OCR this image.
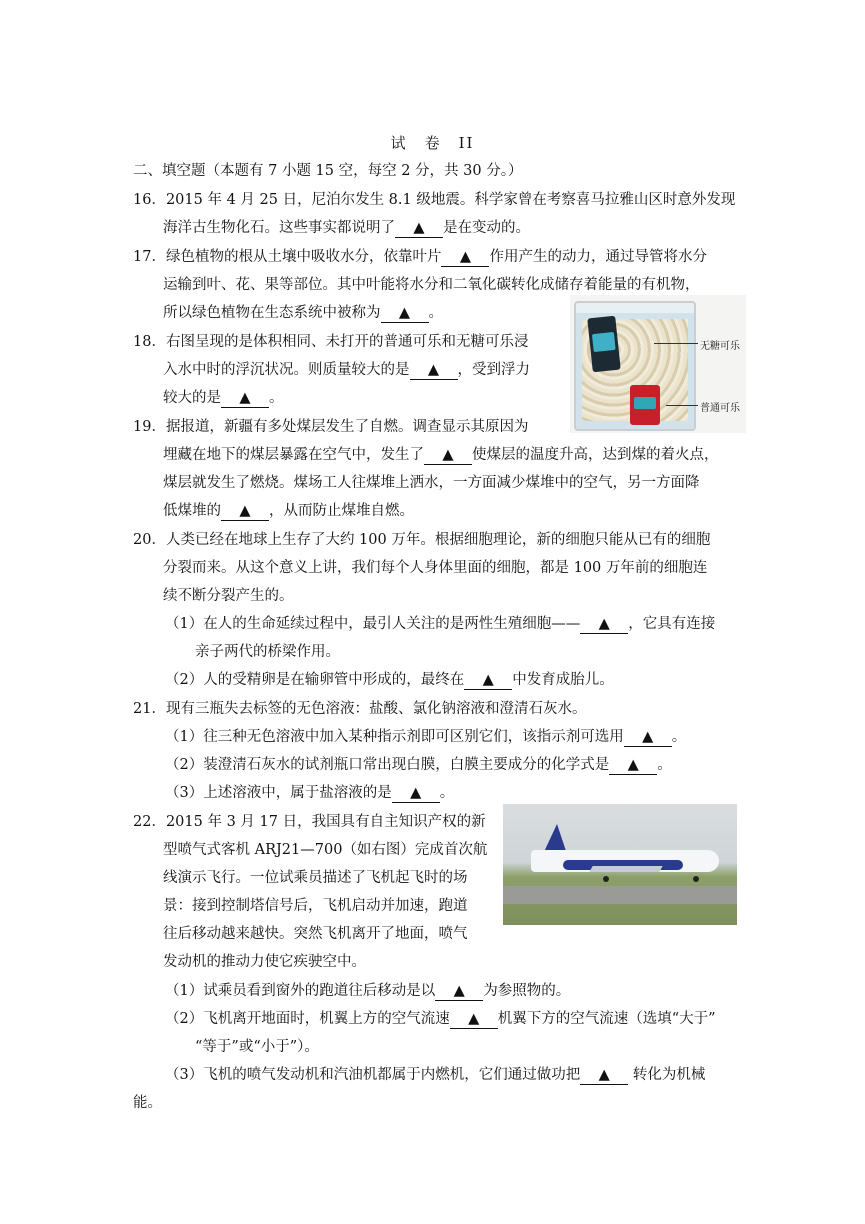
试　卷　II
二、填空题（本题有 7 小题 15 空，每空 2 分，共 30 分。）
16．2015 年 4 月 25 日，尼泊尔发生 8.1 级地震。科学家曾在考察喜马拉雅山区时意外发现
海洋古生物化石。这些事实都说明了 ▲ 是在变动的。
17．绿色植物的根从土壤中吸收水分，依靠叶片 ▲ 作用产生的动力，通过导管将水分
运输到叶、花、果等部位。其中叶能将水分和二氧化碳转化成储存着能量的有机物，
所以绿色植物在生态系统中被称为 ▲ 。
无糖可乐
普通可乐
18．右图呈现的是体积相同、未打开的普通可乐和无糖可乐浸
入水中时的浮沉状况。则质量较大的是 ▲ ，受到浮力
较大的是 ▲ 。
19．据报道，新疆有多处煤层发生了自燃。调查显示其原因为
埋藏在地下的煤层暴露在空气中，发生了 ▲ 使煤层的温度升高，达到煤的着火点，
煤层就发生了燃烧。煤场工人往煤堆上洒水，一方面减少煤堆中的空气，另一方面降
低煤堆的 ▲ ，从而防止煤堆自燃。
20．人类已经在地球上生存了大约 100 万年。根据细胞理论，新的细胞只能从已有的细胞
分裂而来。从这个意义上讲，我们每个人身体里面的细胞，都是 100 万年前的细胞连
续不断分裂产生的。
（1）在人的生命延续过程中，最引人关注的是两性生殖细胞—— ▲ ，它具有连接
亲子两代的桥梁作用。
（2）人的受精卵是在输卵管中形成的，最终在 ▲ 中发育成胎儿。
21．现有三瓶失去标签的无色溶液：盐酸、氯化钠溶液和澄清石灰水。
（1）往三种无色溶液中加入某种指示剂即可区别它们，该指示剂可选用 ▲ 。
（2）装澄清石灰水的试剂瓶口常出现白膜，白膜主要成分的化学式是 ▲ 。
（3）上述溶液中，属于盐溶液的是 ▲ 。
22．2015 年 3 月 17 日，我国具有自主知识产权的新
型喷气式客机 ARJ21—700（如右图）完成首次航
线演示飞行。一位试乘员描述了飞机起飞时的场
景：接到控制塔信号后，飞机启动并加速，跑道
往后移动越来越快。突然飞机离开了地面，喷气
发动机的推动力使它疾驶空中。
（1）试乘员看到窗外的跑道往后移动是以 ▲ 为参照物的。
（2）飞机离开地面时，机翼上方的空气流速 ▲ 机翼下方的空气流速（选填“大于”
“等于”或“小于”）。
（3）飞机的喷气发动机和汽油机都属于内燃机，它们通过做功把 ▲ 转化为机械
能。
